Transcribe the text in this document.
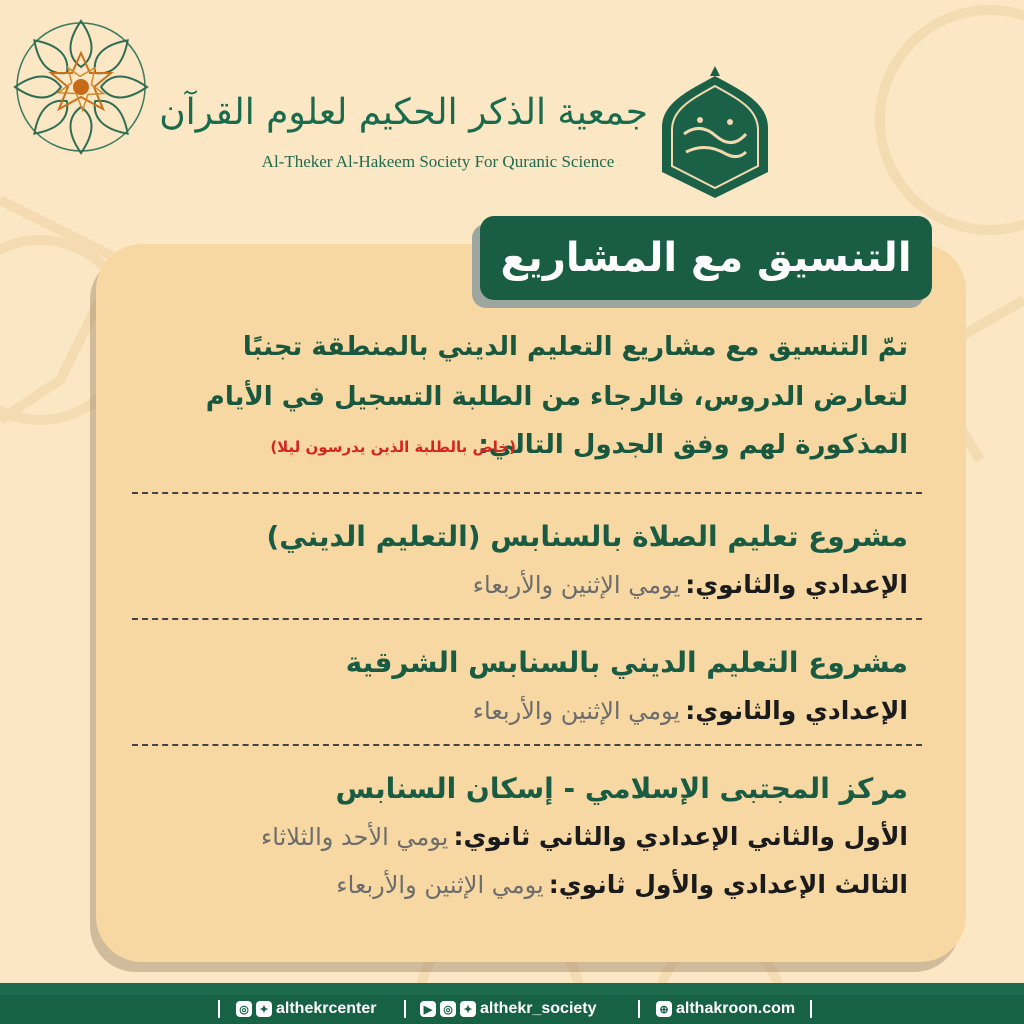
جمعية الذكر الحكيم لعلوم القرآن
Al-Theker Al-Hakeem Society For Quranic Science
التنسيق مع المشاريع
تمّ التنسيق مع مشاريع التعليم الديني بالمنطقة تجنبًا
لتعارض الدروس، فالرجاء من الطلبة التسجيل في الأيام
المذكورة لهم وفق الجدول التالي:
(خاص بالطلبة الذين يدرسون ليلا)
مشروع تعليم الصلاة بالسنابس (التعليم الديني)
الإعدادي والثانوي: يومي الإثنين والأربعاء
مشروع التعليم الديني بالسنابس الشرقية
الإعدادي والثانوي: يومي الإثنين والأربعاء
مركز المجتبى الإسلامي - إسكان السنابس
الأول والثاني الإعدادي والثاني ثانوي: يومي الأحد والثلاثاء
الثالث الإعدادي والأول ثانوي: يومي الإثنين والأربعاء
◎ ✦ althekrcenter	▶ ◎ ✦ althekr_society	⊕ althakroon.com
